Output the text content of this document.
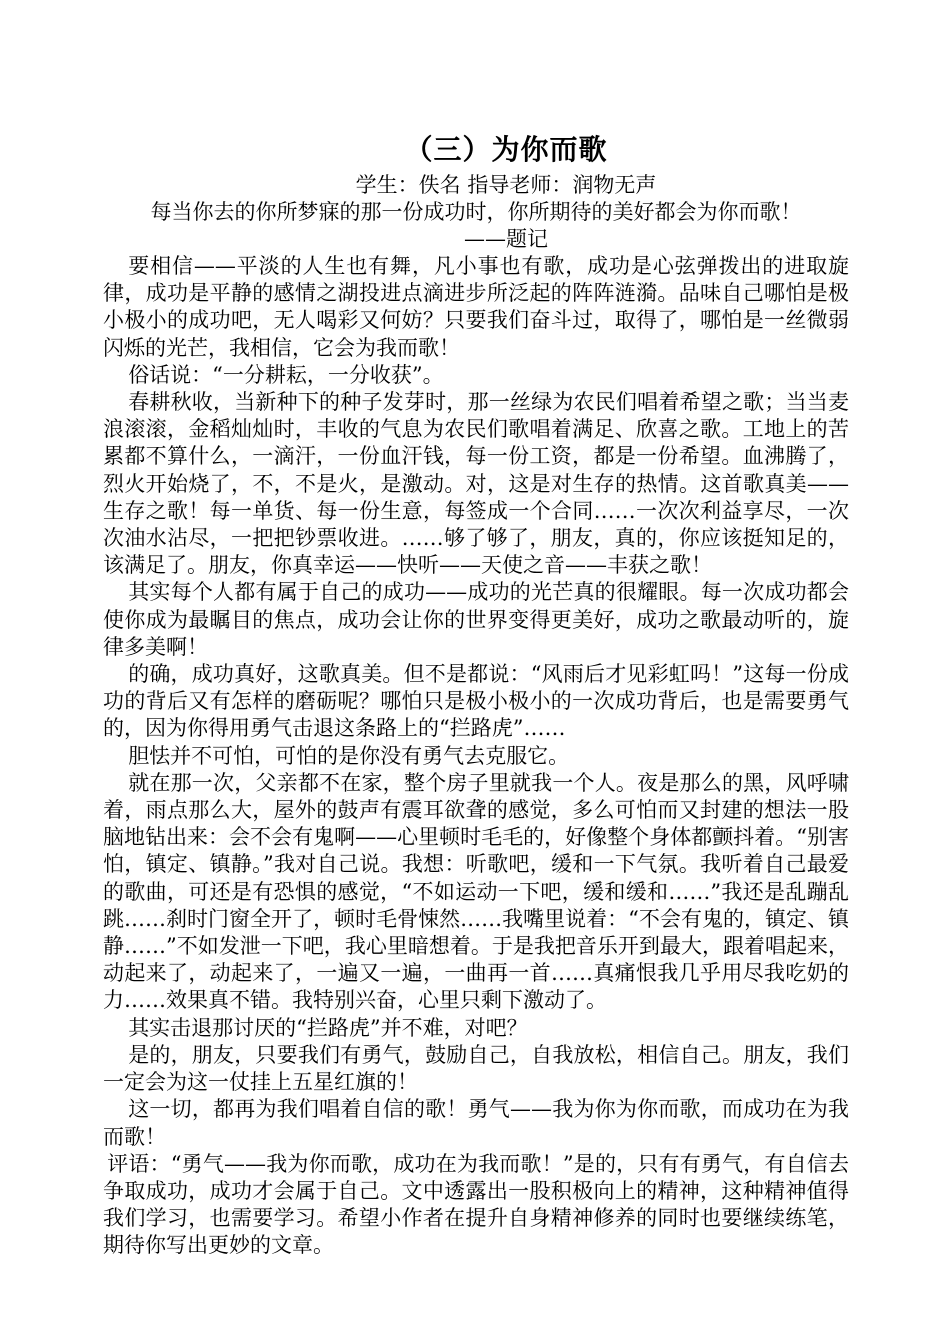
（三）为你而歌
学生：佚名 指导老师：润物无声
每当你去的你所梦寐的那一份成功时，你所期待的美好都会为你而歌！
——题记

要相信——平淡的人生也有舞，凡小事也有歌，成功是心弦弹拨出的进取旋律，成功是平静的感情之湖投进点滴进步所泛起的阵阵涟漪。品味自己哪怕是极小极小的成功吧，无人喝彩又何妨？只要我们奋斗过，取得了，哪怕是一丝微弱闪烁的光芒，我相信，它会为我而歌！

俗话说：“一分耕耘，一分收获”。

春耕秋收，当新种下的种子发芽时，那一丝绿为农民们唱着希望之歌；当当麦浪滚滚，金稻灿灿时，丰收的气息为农民们歌唱着满足、欣喜之歌。工地上的苦累都不算什么，一滴汗，一份血汗钱，每一份工资，都是一份希望。血沸腾了，烈火开始烧了，不，不是火，是激动。对，这是对生存的热情。这首歌真美——生存之歌！每一单货、每一份生意，每签成一个合同……一次次利益享尽，一次次油水沾尽，一把把钞票收进。……够了够了，朋友，真的，你应该挺知足的，该满足了。朋友，你真幸运——快听——天使之音——丰获之歌！

其实每个人都有属于自己的成功——成功的光芒真的很耀眼。每一次成功都会使你成为最瞩目的焦点，成功会让你的世界变得更美好，成功之歌最动听的，旋律多美啊！

的确，成功真好，这歌真美。但不是都说：“风雨后才见彩虹吗！”这每一份成功的背后又有怎样的磨砺呢？哪怕只是极小极小的一次成功背后，也是需要勇气的，因为你得用勇气击退这条路上的“拦路虎”……

胆怯并不可怕，可怕的是你没有勇气去克服它。

就在那一次，父亲都不在家，整个房子里就我一个人。夜是那么的黑，风呼啸着，雨点那么大，屋外的鼓声有震耳欲聋的感觉，多么可怕而又封建的想法一股脑地钻出来：会不会有鬼啊——心里顿时毛毛的，好像整个身体都颤抖着。“别害怕，镇定、镇静。”我对自己说。我想：听歌吧，缓和一下气氛。我听着自己最爱的歌曲，可还是有恐惧的感觉，“不如运动一下吧，缓和缓和……”我还是乱蹦乱跳……刹时门窗全开了，顿时毛骨悚然……我嘴里说着：“不会有鬼的，镇定、镇静……”不如发泄一下吧，我心里暗想着。于是我把音乐开到最大，跟着唱起来，动起来了，动起来了，一遍又一遍，一曲再一首……真痛恨我几乎用尽我吃奶的力……效果真不错。我特别兴奋，心里只剩下激动了。

其实击退那讨厌的“拦路虎”并不难，对吧？

是的，朋友，只要我们有勇气，鼓励自己，自我放松，相信自己。朋友，我们一定会为这一仗挂上五星红旗的！

这一切，都再为我们唱着自信的歌！勇气——我为你为你而歌，而成功在为我而歌！

评语：“勇气——我为你而歌，成功在为我而歌！”是的，只有有勇气，有自信去争取成功，成功才会属于自己。文中透露出一股积极向上的精神，这种精神值得我们学习，也需要学习。希望小作者在提升自身精神修养的同时也要继续练笔，期待你写出更妙的文章。
